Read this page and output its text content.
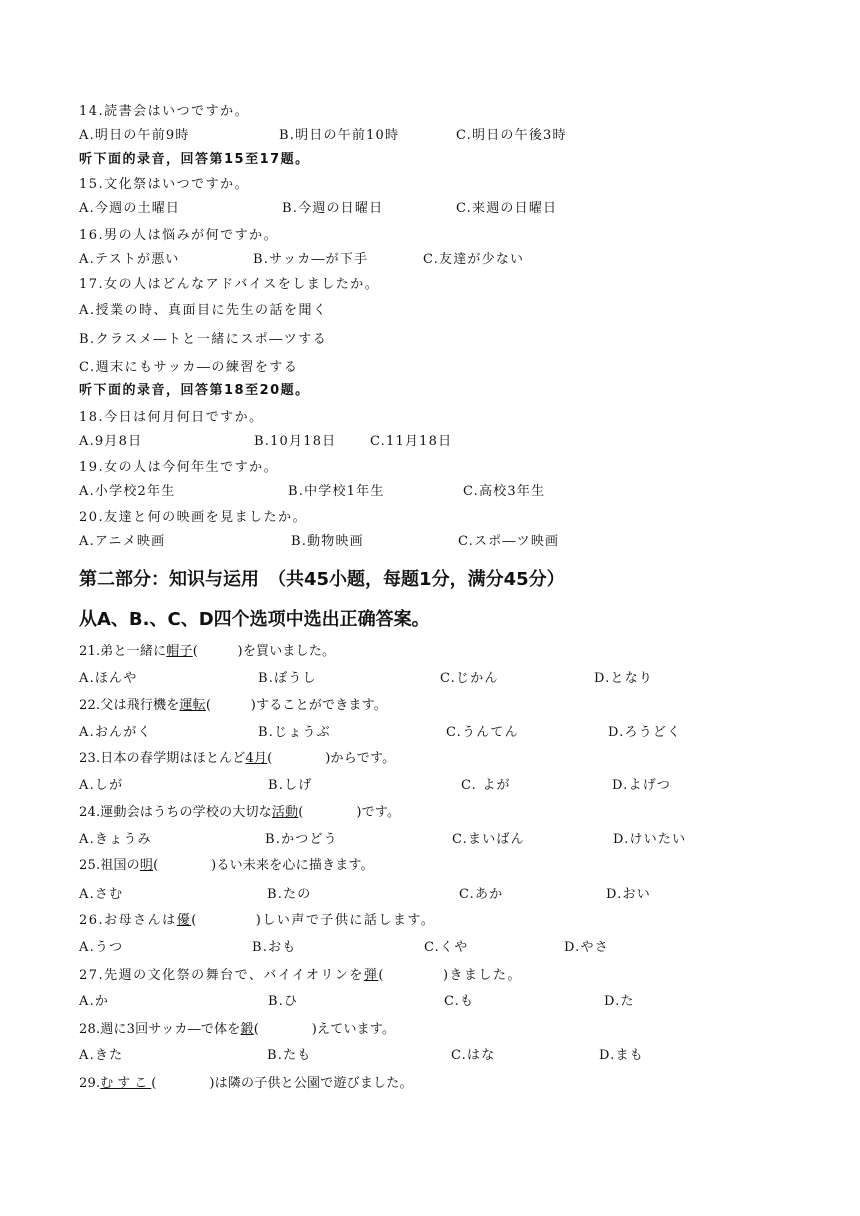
14.読書会はいつですか。
A.明日の午前9時	B.明日の午前10時	C.明日の午後3時
听下面的录音，回答第15至17题。
15.文化祭はいつですか。
A.今週の土曜日	B.今週の日曜日	C.来週の日曜日
16.男の人は悩みが何ですか。
A.テストが悪い	B.サッカ―が下手	C.友達が少ない
17.女の人はどんなアドバイスをしましたか。
A.授業の時、真面目に先生の話を聞く
B.クラスメ―トと一緒にスポ―ツする
C.週末にもサッカ―の練習をする
听下面的录音，回答第18至20题。
18.今日は何月何日ですか。
A.9月8日	B.10月18日	C.11月18日
19.女の人は今何年生ですか。
A.小学校2年生	B.中学校1年生	C.高校3年生
20.友達と何の映画を見ましたか。
A.アニメ映画	B.動物映画	C.スポ―ツ映画
第二部分：知识与运用　（共45小题，每题1分，满分45分）
从A、B.、C、D四个选项中选出正确答案。
21.弟と一緒に帽子(　　　)を買いました。
A.ほんや	B.ぼうし	C.じかん	D.となり
22.父は飛行機を運転(　　　)することができます。
A.おんがく	B.じょうぶ	C.うんてん	D.ろうどく
23.日本の春学期はほとんど4月(　　　　)からです。
A.しが	B.しげ	C. よが	D.よげつ
24.運動会はうちの学校の大切な活動(　　　　)です。
A.きょうみ	B.かつどう	C.まいばん	D.けいたい
25.祖国の明(　　　　)るい未来を心に描きます。
A.さむ	B.たの	C.あか	D.おい
26.お母さんは優(　　　　)しい声で子供に話します。
A.うつ	B.おも	C.くや	D.やさ
27.先週の文化祭の舞台で、バイイオリンを弾(　　　　)きました。
A.か	B.ひ	C.も	D.た
28.週に3回サッカ―で体を鍛(　　　　)えています。
A.きた	B.たも	C.はな	D.まも
29.むすこ(　　　　)は隣の子供と公園で遊びました。
